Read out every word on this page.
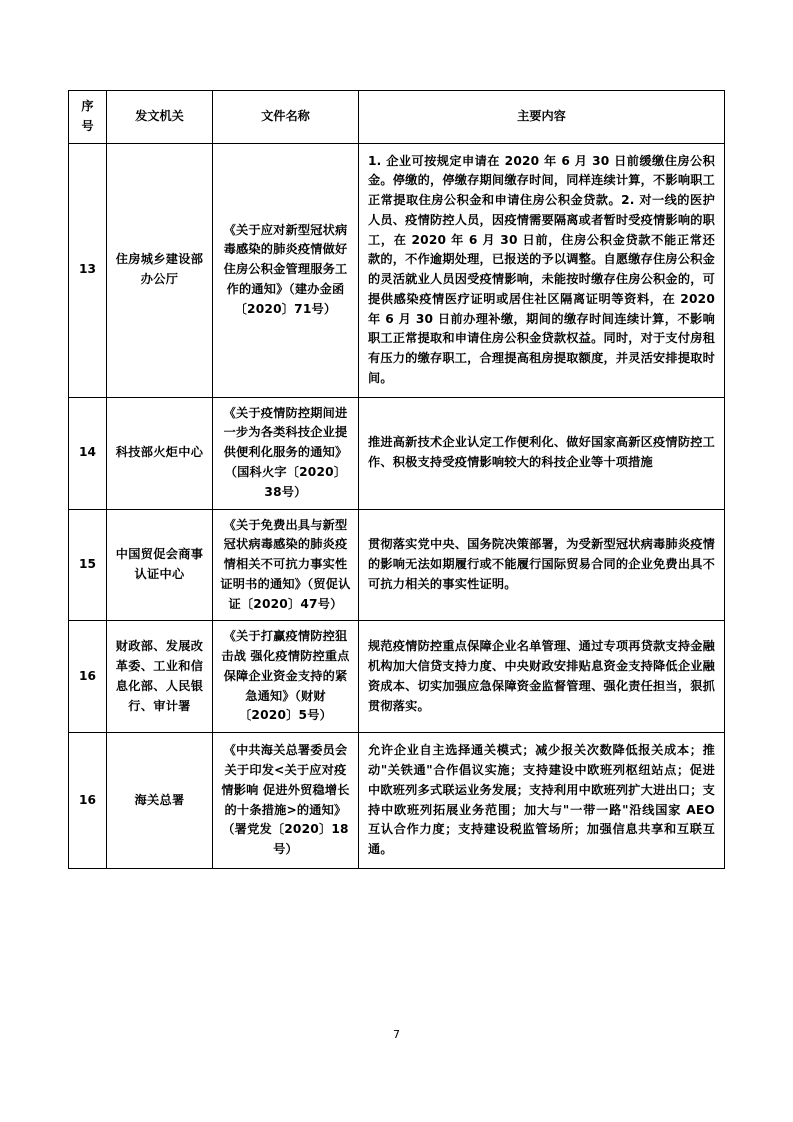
序号	发文机关	文件名称	主要内容
13	住房城乡建设部办公厅	《关于应对新型冠状病毒感染的肺炎疫情做好住房公积金管理服务工作的通知》（建办金函〔2020〕71号）	1. 企业可按规定申请在 2020 年 6 月 30 日前缓缴住房公积金。停缴的，停缴存期间缴存时间，同样连续计算，不影响职工正常提取住房公积金和申请住房公积金贷款。2. 对一线的医护人员、疫情防控人员，因疫情需要隔离或者暂时受疫情影响的职工，在 2020 年 6 月 30 日前，住房公积金贷款不能正常还款的，不作逾期处理，已报送的予以调整。自愿缴存住房公积金的灵活就业人员因受疫情影响，未能按时缴存住房公积金的，可提供感染疫情医疗证明或居住社区隔离证明等资料，在 2020 年 6 月 30 日前办理补缴，期间的缴存时间连续计算，不影响职工正常提取和申请住房公积金贷款权益。同时，对于支付房租有压力的缴存职工，合理提高租房提取额度，并灵活安排提取时间。
14	科技部火炬中心	《关于疫情防控期间进一步为各类科技企业提供便利化服务的通知》（国科火字〔2020〕38号）	推进高新技术企业认定工作便利化、做好国家高新区疫情防控工作、积极支持受疫情影响较大的科技企业等十项措施
15	中国贸促会商事认证中心	《关于免费出具与新型冠状病毒感染的肺炎疫情相关不可抗力事实性证明书的通知》（贸促认证〔2020〕47号）	贯彻落实党中央、国务院决策部署，为受新型冠状病毒肺炎疫情的影响无法如期履行或不能履行国际贸易合同的企业免费出具不可抗力相关的事实性证明。
16	财政部、发展改革委、工业和信息化部、人民银行、审计署	《关于打赢疫情防控狙击战 强化疫情防控重点保障企业资金支持的紧急通知》（财财〔2020〕5号）	规范疫情防控重点保障企业名单管理、通过专项再贷款支持金融机构加大信贷支持力度、中央财政安排贴息资金支持降低企业融资成本、切实加强应急保障资金监督管理、强化责任担当，狠抓贯彻落实。
16	海关总署	《中共海关总署委员会关于印发<关于应对疫情影响 促进外贸稳增长的十条措施>的通知》（署党发〔2020〕18号）	允许企业自主选择通关模式；减少报关次数降低报关成本；推动"关铁通"合作倡议实施；支持建设中欧班列枢纽站点；促进中欧班列多式联运业务发展；支持利用中欧班列扩大进出口；支持中欧班列拓展业务范围；加大与"一带一路"沿线国家 AEO 互认合作力度；支持建设税监管场所；加强信息共享和互联互通。
7
